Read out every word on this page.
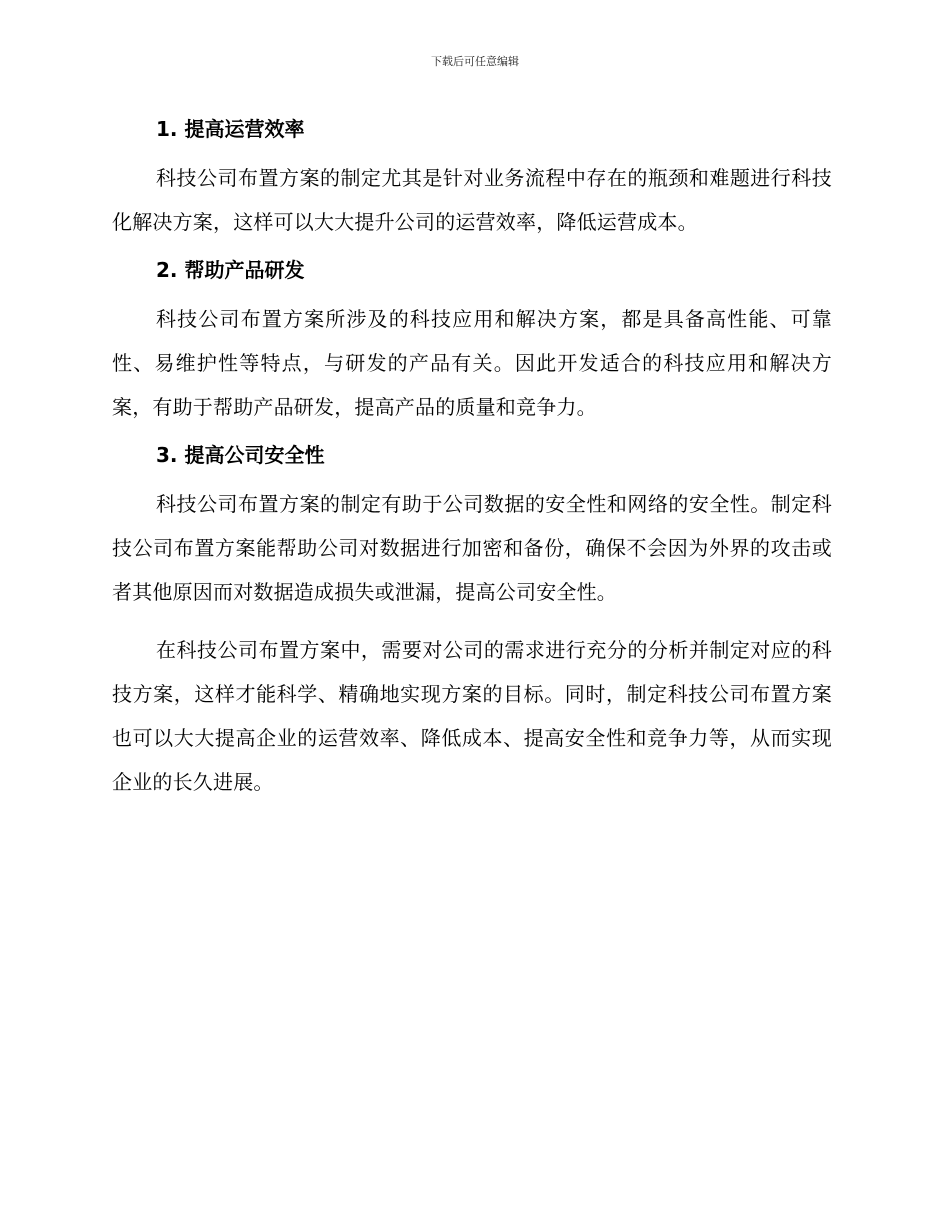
下载后可任意编辑
1. 提高运营效率

科技公司布置方案的制定尤其是针对业务流程中存在的瓶颈和难题进行科技化解决方案，这样可以大大提升公司的运营效率，降低运营成本。

2. 帮助产品研发

科技公司布置方案所涉及的科技应用和解决方案，都是具备高性能、可靠性、易维护性等特点，与研发的产品有关。因此开发适合的科技应用和解决方案，有助于帮助产品研发，提高产品的质量和竞争力。

3. 提高公司安全性

科技公司布置方案的制定有助于公司数据的安全性和网络的安全性。制定科技公司布置方案能帮助公司对数据进行加密和备份，确保不会因为外界的攻击或者其他原因而对数据造成损失或泄漏，提高公司安全性。

在科技公司布置方案中，需要对公司的需求进行充分的分析并制定对应的科技方案，这样才能科学、精确地实现方案的目标。同时，制定科技公司布置方案也可以大大提高企业的运营效率、降低成本、提高安全性和竞争力等，从而实现企业的长久进展。
